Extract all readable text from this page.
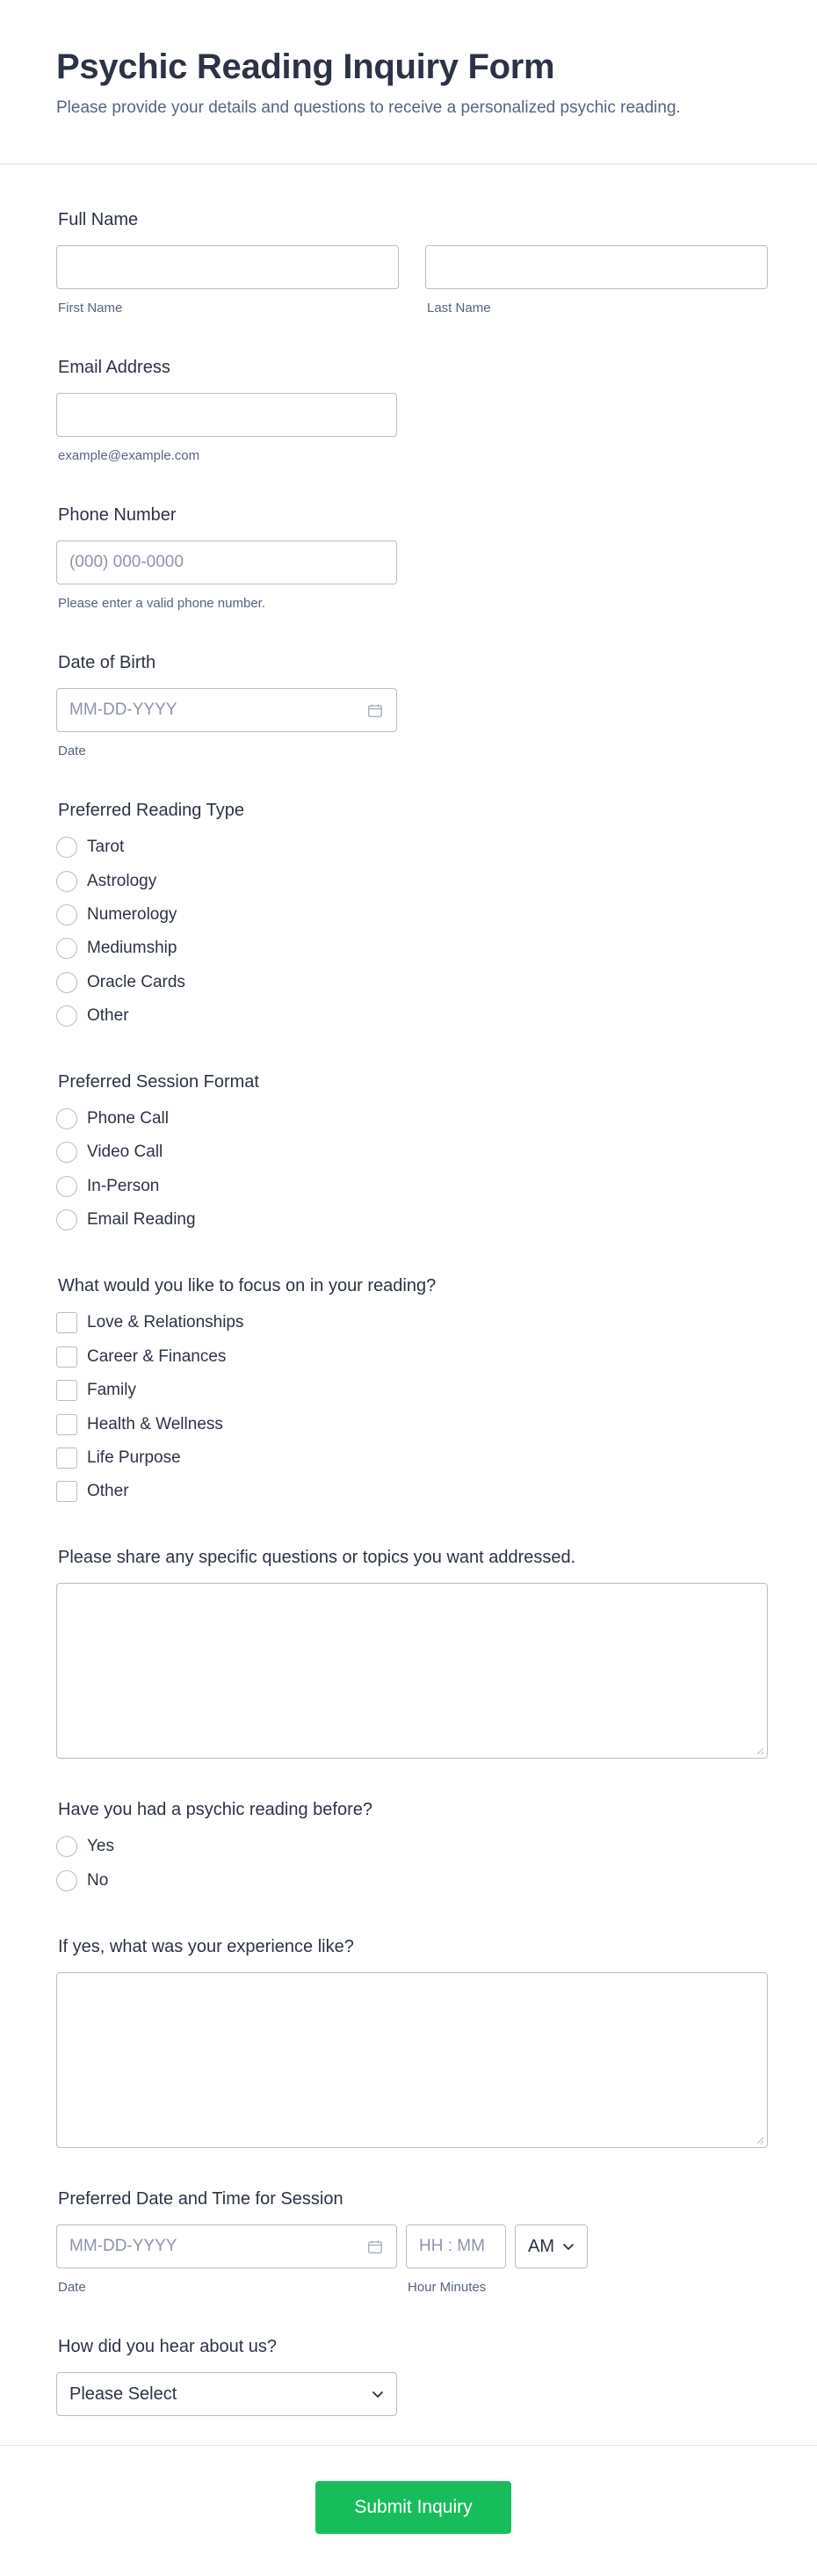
Psychic Reading Inquiry Form

Please provide your details and questions to receive a personalized psychic reading.

Full Name
First Name	Last Name
Email Address
example@example.com
Phone Number
(000) 000-0000
Please enter a valid phone number.
Date of Birth
MM-DD-YYYY
Date
Preferred Reading Type
Tarot
Astrology
Numerology
Mediumship
Oracle Cards
Other
Preferred Session Format
Phone Call
Video Call
In-Person
Email Reading
What would you like to focus on in your reading?
Love & Relationships
Career & Finances
Family
Health & Wellness
Life Purpose
Other
Please share any specific questions or topics you want addressed.
Have you had a psychic reading before?
Yes
No
If yes, what was your experience like?
Preferred Date and Time for Session
MM-DD-YYYY	HH : MM	AM
Date	Hour Minutes
How did you hear about us?
Please Select
Submit Inquiry
